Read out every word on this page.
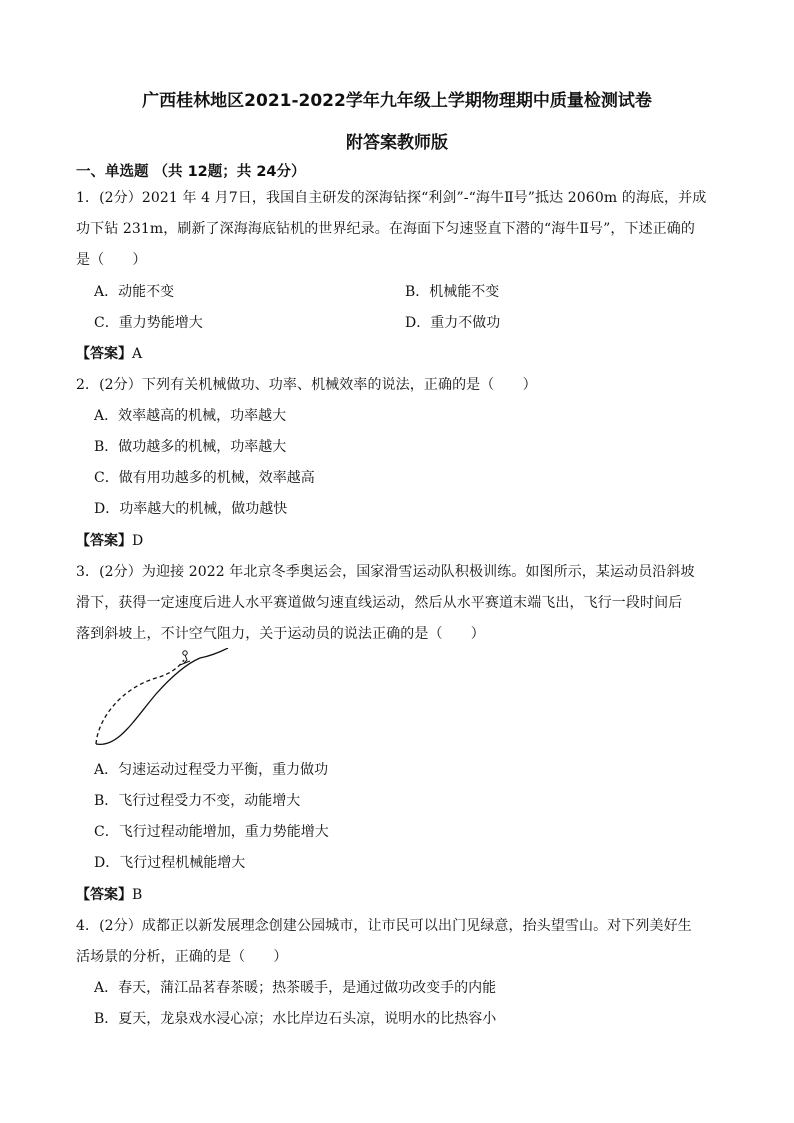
广西桂林地区2021-2022学年九年级上学期物理期中质量检测试卷
附答案教师版
一、单选题 （共 12题；共 24分）
1．(2分）2021 年 4 月7日，我国自主研发的深海钻探“利剑”-“海牛Ⅱ号”抵达 2060m 的海底，并成
功下钻 231m，刷新了深海海底钻机的世界纪录。在海面下匀速竖直下潜的“海牛Ⅱ号”，下述正确的
是（　　）
A．动能不变	B．机械能不变
C．重力势能增大	D．重力不做功
【答案】A
2．(2分）下列有关机械做功、功率、机械效率的说法，正确的是（　　）
A．效率越高的机械，功率越大
B．做功越多的机械，功率越大
C．做有用功越多的机械，效率越高
D．功率越大的机械，做功越快
【答案】D
3．(2分）为迎接 2022 年北京冬季奥运会，国家滑雪运动队积极训练。如图所示，某运动员沿斜坡
滑下，获得一定速度后进人水平赛道做匀速直线运动，然后从水平赛道末端飞出，飞行一段时间后
落到斜坡上，不计空气阻力，关于运动员的说法正确的是（　　）
A．匀速运动过程受力平衡，重力做功
B．飞行过程受力不变，动能增大
C．飞行过程动能增加，重力势能增大
D．飞行过程机械能增大
【答案】B
4．(2分）成都正以新发展理念创建公园城市，让市民可以出门见绿意，抬头望雪山。对下列美好生
活场景的分析，正确的是（　　）
A．春天，蒲江品茗春茶暖；热茶暖手，是通过做功改变手的内能
B．夏天，龙泉戏水浸心凉；水比岸边石头凉，说明水的比热容小
